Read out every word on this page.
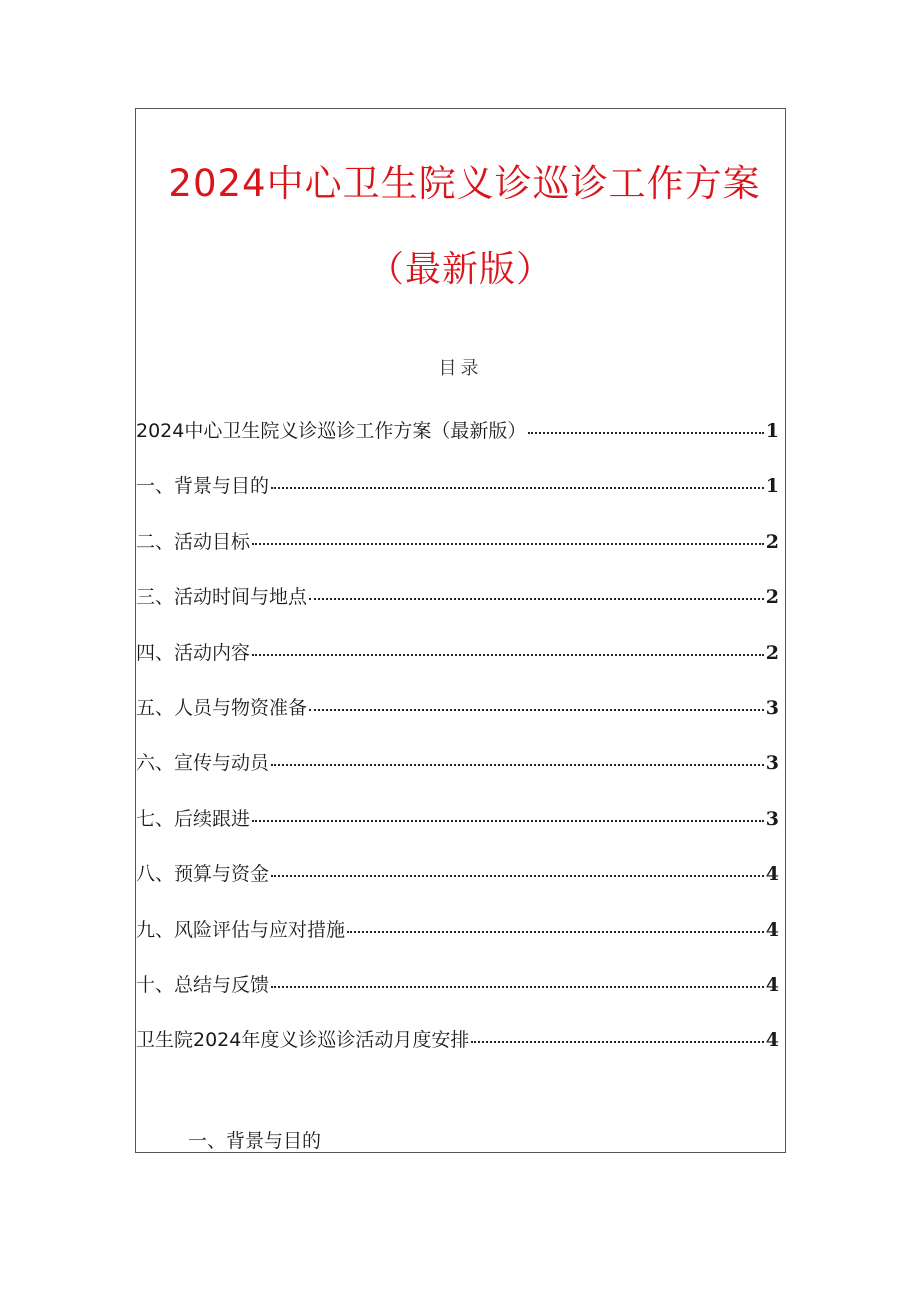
2024中心卫生院义诊巡诊工作方案
（最新版）
目录
2024中心卫生院义诊巡诊工作方案（最新版）	1
一、背景与目的	1
二、活动目标	2
三、活动时间与地点	2
四、活动内容	2
五、人员与物资准备	3
六、宣传与动员	3
七、后续跟进	3
八、预算与资金	4
九、风险评估与应对措施	4
十、总结与反馈	4
卫生院2024年度义诊巡诊活动月度安排	4
一、背景与目的
